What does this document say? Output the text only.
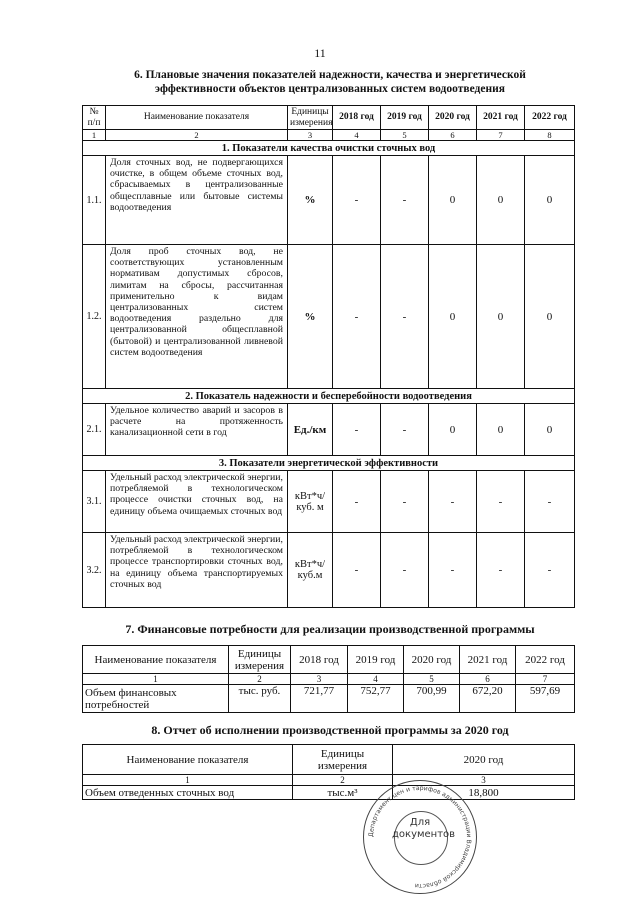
11
6. Плановые значения показателей надежности, качества и энергетической
эффективности объектов централизованных систем водоотведения
№ п/п	Наименование показателя	Единицы измерения	2018 год	2019 год	2020 год	2021 год	2022 год
1	2	3	4	5	6	7	8
1. Показатели качества очистки сточных вод							
1.1.	Доля сточных вод, не подвергающихся очистке, в общем объеме сточных вод, сбрасываемых в централизованные общесплавные или бытовые системы водоотведения	%	-	-	0	0	0
1.2.	Доля проб сточных вод, не соответствующих установленным нормативам допустимых сбросов, лимитам на сбросы, рассчитанная применительно к видам централизованных систем водоотведения раздельно для централизованной общесплавной (бытовой) и централизованной ливневой систем водоотведения	%	-	-	0	0	0
2. Показатель надежности и бесперебойности водоотведения							
2.1.	Удельное количество аварий и засоров в расчете на протяженность канализационной сети в год	Ед./км	-	-	0	0	0
3. Показатели энергетической эффективности							
3.1.	Удельный расход электрической энергии, потребляемой в технологическом процессе очистки сточных вод, на единицу объема очищаемых сточных вод	кВт*ч/ куб. м	-	-	-	-	-
3.2.	Удельный расход электрической энергии, потребляемой в технологическом процессе транспортировки сточных вод, на единицу объема транспортируемых сточных вод	кВт*ч/ куб.м	-	-	-	-	-
7. Финансовые потребности для реализации производственной программы
Наименование показателя	Единицы измерения	2018 год	2019 год	2020 год	2021 год	2022 год
1	2	3	4	5	6	7
Объем финансовых потребностей	тыс. руб.	721,77	752,77	700,99	672,20	597,69
8. Отчет об исполнении производственной программы за 2020 год
Наименование показателя	Единицы измерения	2020 год
1	2	3
Объем отведенных сточных вод	тыс.м³	18,800
Департамент цен и тарифов администрации Владимирской области
Для документов
